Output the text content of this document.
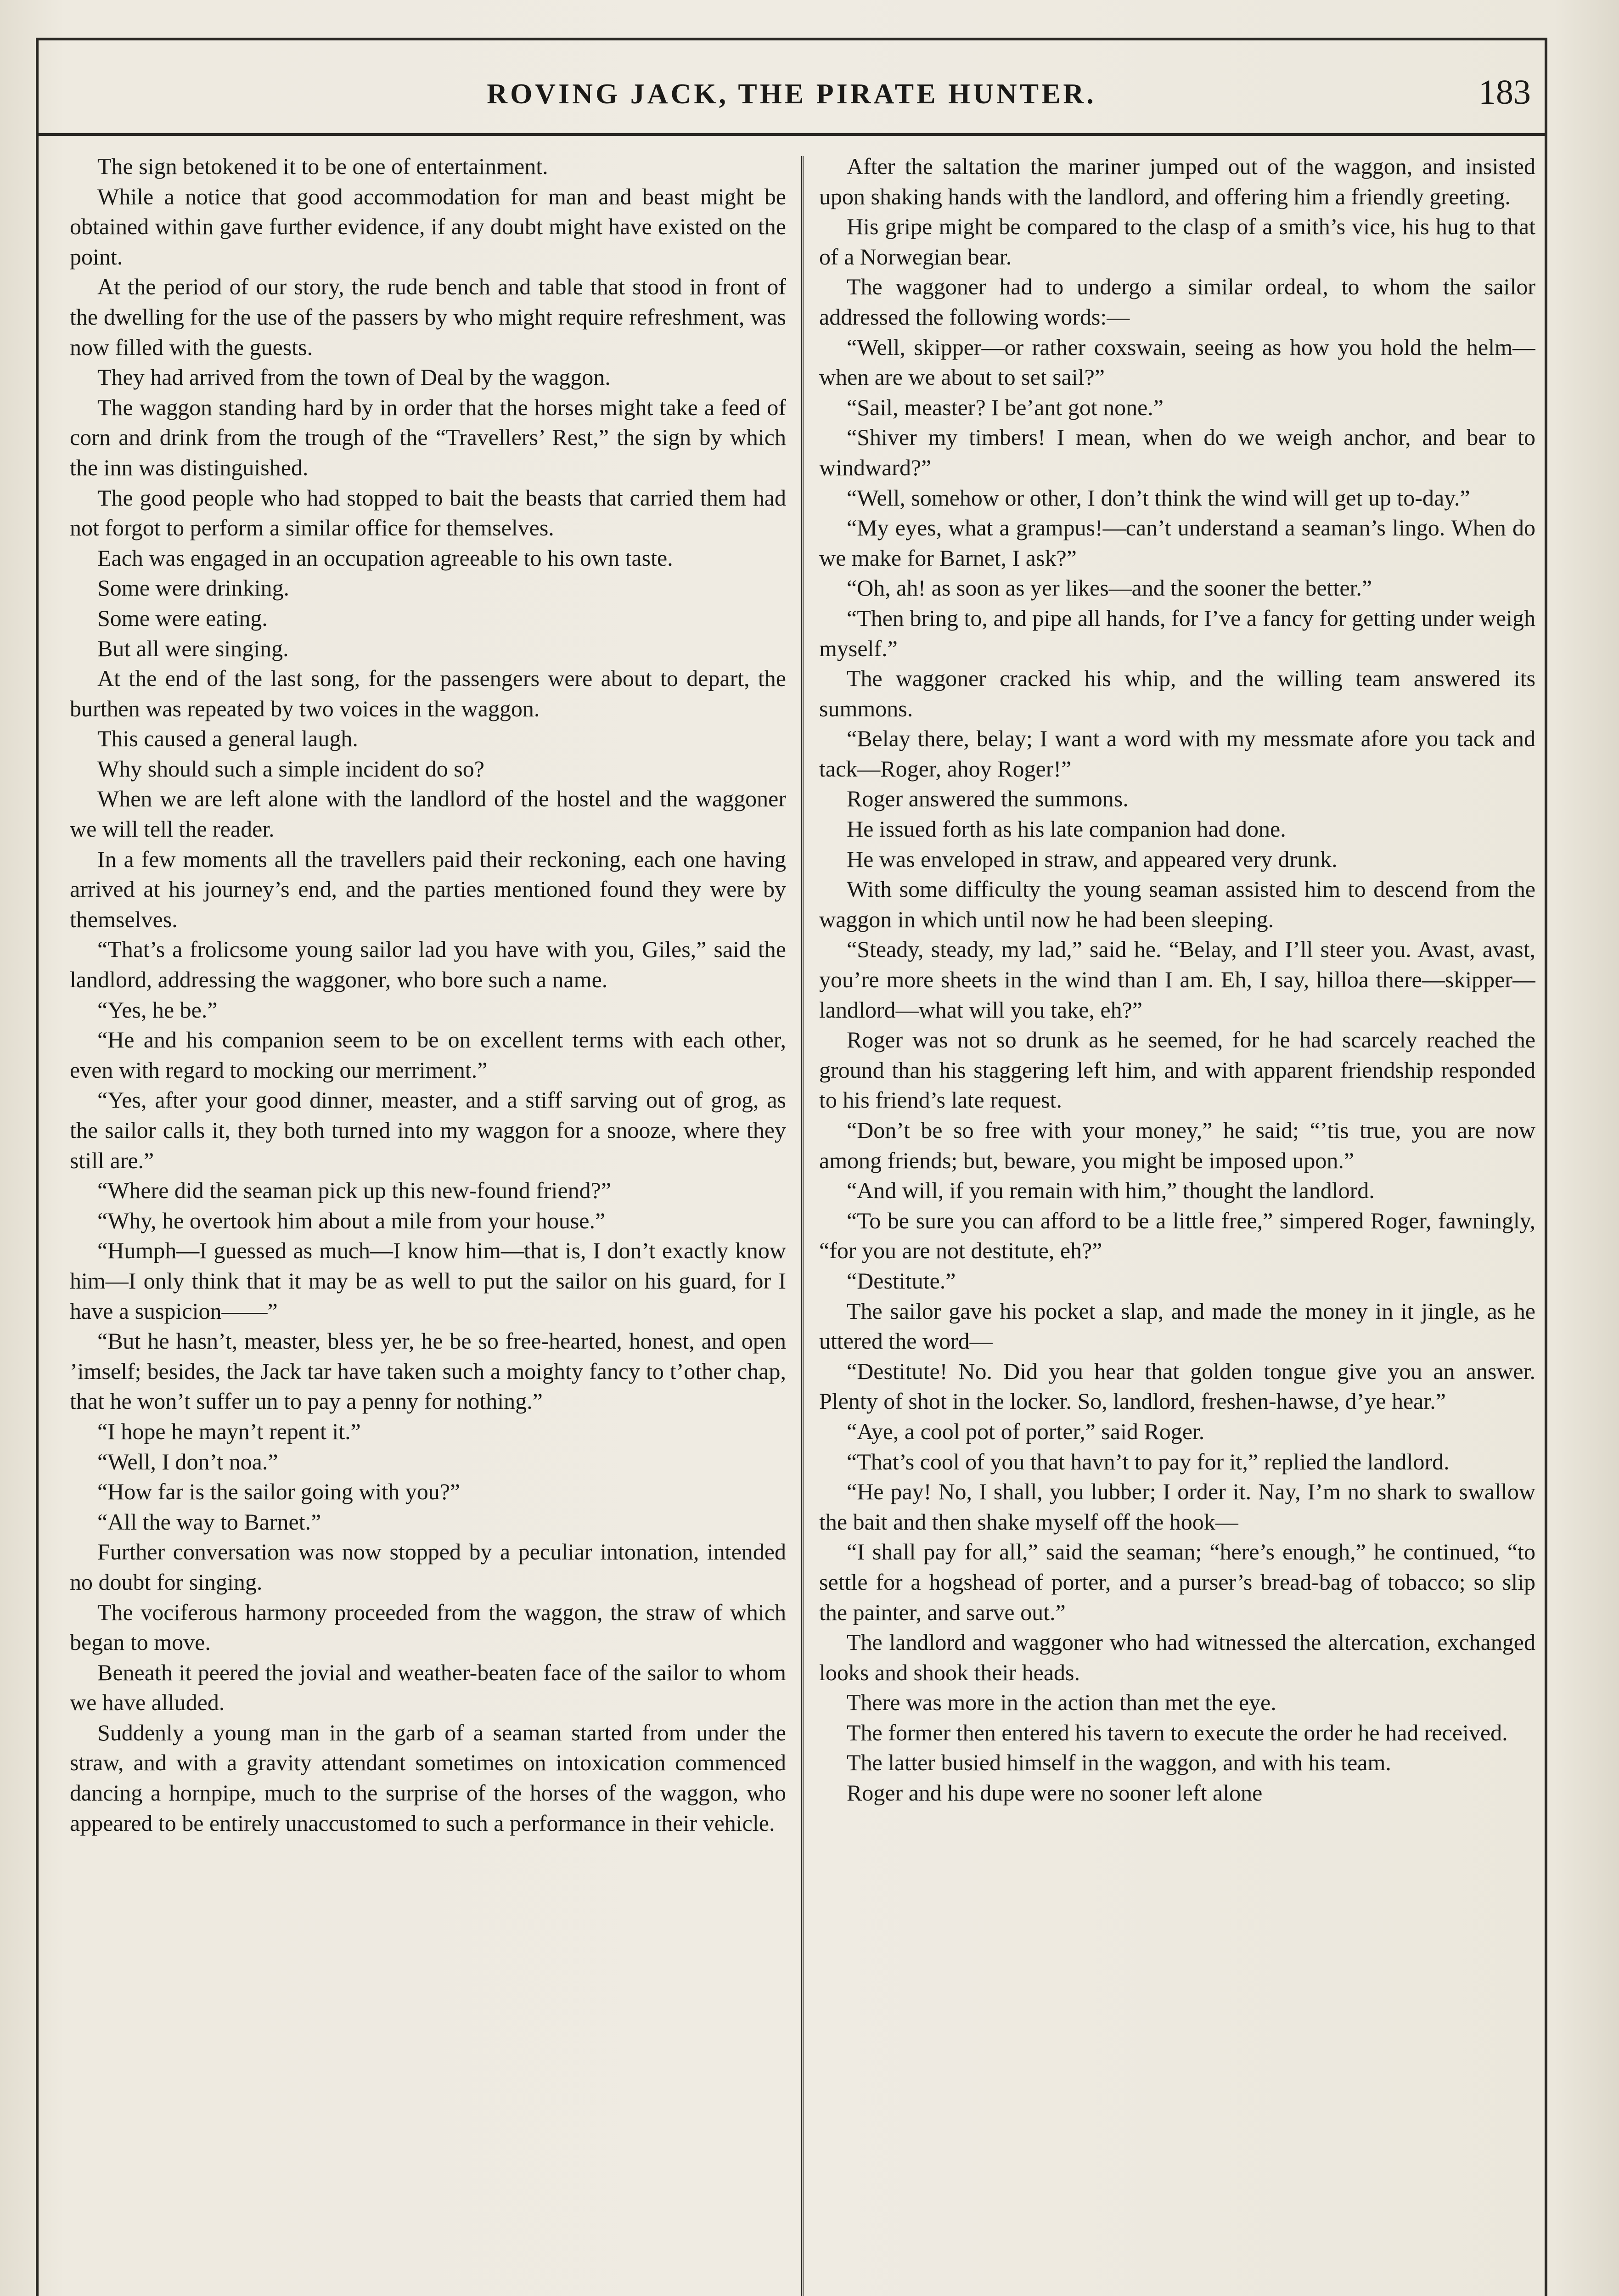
ROVING JACK, THE PIRATE HUNTER.	183

The sign betokened it to be one of entertainment.

While a notice that good accommodation for man and beast might be obtained within gave further evidence, if any doubt might have existed on the point.

At the period of our story, the rude bench and table that stood in front of the dwelling for the use of the passers by who might require refreshment, was now filled with the guests.

They had arrived from the town of Deal by the waggon.

The waggon standing hard by in order that the horses might take a feed of corn and drink from the trough of the “Travellers’ Rest,” the sign by which the inn was distinguished.

The good people who had stopped to bait the beasts that carried them had not forgot to perform a similar office for themselves.

Each was engaged in an occupation agreeable to his own taste.

Some were drinking.

Some were eating.

But all were singing.

At the end of the last song, for the passengers were about to depart, the burthen was repeated by two voices in the waggon.

This caused a general laugh.

Why should such a simple incident do so?

When we are left alone with the landlord of the hostel and the waggoner we will tell the reader.

In a few moments all the travellers paid their reckoning, each one having arrived at his journey’s end, and the parties mentioned found they were by themselves.

“That’s a frolicsome young sailor lad you have with you, Giles,” said the landlord, addressing the waggoner, who bore such a name.

“Yes, he be.”

“He and his companion seem to be on excellent terms with each other, even with regard to mocking our merriment.”

“Yes, after your good dinner, measter, and a stiff sarving out of grog, as the sailor calls it, they both turned into my waggon for a snooze, where they still are.”

“Where did the seaman pick up this new-found friend?”

“Why, he overtook him about a mile from your house.”

“Humph—I guessed as much—I know him—that is, I don’t exactly know him—I only think that it may be as well to put the sailor on his guard, for I have a suspicion——”

“But he hasn’t, measter, bless yer, he be so free-hearted, honest, and open ’imself; besides, the Jack tar have taken such a moighty fancy to t’other chap, that he won’t suffer un to pay a penny for nothing.”

“I hope he mayn’t repent it.”

“Well, I don’t noa.”

“How far is the sailor going with you?”

“All the way to Barnet.”

Further conversation was now stopped by a peculiar intonation, intended no doubt for singing.

The vociferous harmony proceeded from the waggon, the straw of which began to move.

Beneath it peered the jovial and weather-beaten face of the sailor to whom we have alluded.

Suddenly a young man in the garb of a seaman started from under the straw, and with a gravity attendant sometimes on intoxication commenced dancing a hornpipe, much to the surprise of the horses of the waggon, who appeared to be entirely unaccustomed to such a performance in their vehicle.

After the saltation the mariner jumped out of the waggon, and insisted upon shaking hands with the landlord, and offering him a friendly greeting.

His gripe might be compared to the clasp of a smith’s vice, his hug to that of a Norwegian bear.

The waggoner had to undergo a similar ordeal, to whom the sailor addressed the following words:—

“Well, skipper—or rather coxswain, seeing as how you hold the helm—when are we about to set sail?”

“Sail, measter? I be’ant got none.”

“Shiver my timbers! I mean, when do we weigh anchor, and bear to windward?”

“Well, somehow or other, I don’t think the wind will get up to-day.”

“My eyes, what a grampus!—can’t understand a seaman’s lingo. When do we make for Barnet, I ask?”

“Oh, ah! as soon as yer likes—and the sooner the better.”

“Then bring to, and pipe all hands, for I’ve a fancy for getting under weigh myself.”

The waggoner cracked his whip, and the willing team answered its summons.

“Belay there, belay; I want a word with my messmate afore you tack and tack—Roger, ahoy Roger!”

Roger answered the summons.

He issued forth as his late companion had done.

He was enveloped in straw, and appeared very drunk.

With some difficulty the young seaman assisted him to descend from the waggon in which until now he had been sleeping.

“Steady, steady, my lad,” said he. “Belay, and I’ll steer you. Avast, avast, you’re more sheets in the wind than I am. Eh, I say, hilloa there—skipper—landlord—what will you take, eh?”

Roger was not so drunk as he seemed, for he had scarcely reached the ground than his staggering left him, and with apparent friendship responded to his friend’s late request.

“Don’t be so free with your money,” he said; “’tis true, you are now among friends; but, beware, you might be imposed upon.”

“And will, if you remain with him,” thought the landlord.

“To be sure you can afford to be a little free,” simpered Roger, fawningly, “for you are not destitute, eh?”

“Destitute.”

The sailor gave his pocket a slap, and made the money in it jingle, as he uttered the word—

“Destitute! No. Did you hear that golden tongue give you an answer. Plenty of shot in the locker. So, landlord, freshen-hawse, d’ye hear.”

“Aye, a cool pot of porter,” said Roger.

“That’s cool of you that havn’t to pay for it,” replied the landlord.

“He pay! No, I shall, you lubber; I order it. Nay, I’m no shark to swallow the bait and then shake myself off the hook—

“I shall pay for all,” said the seaman; “here’s enough,” he continued, “to settle for a hogshead of porter, and a purser’s bread-bag of tobacco; so slip the painter, and sarve out.”

The landlord and waggoner who had witnessed the altercation, exchanged looks and shook their heads.

There was more in the action than met the eye.

The former then entered his tavern to execute the order he had received.

The latter busied himself in the waggon, and with his team.

Roger and his dupe were no sooner left alone
